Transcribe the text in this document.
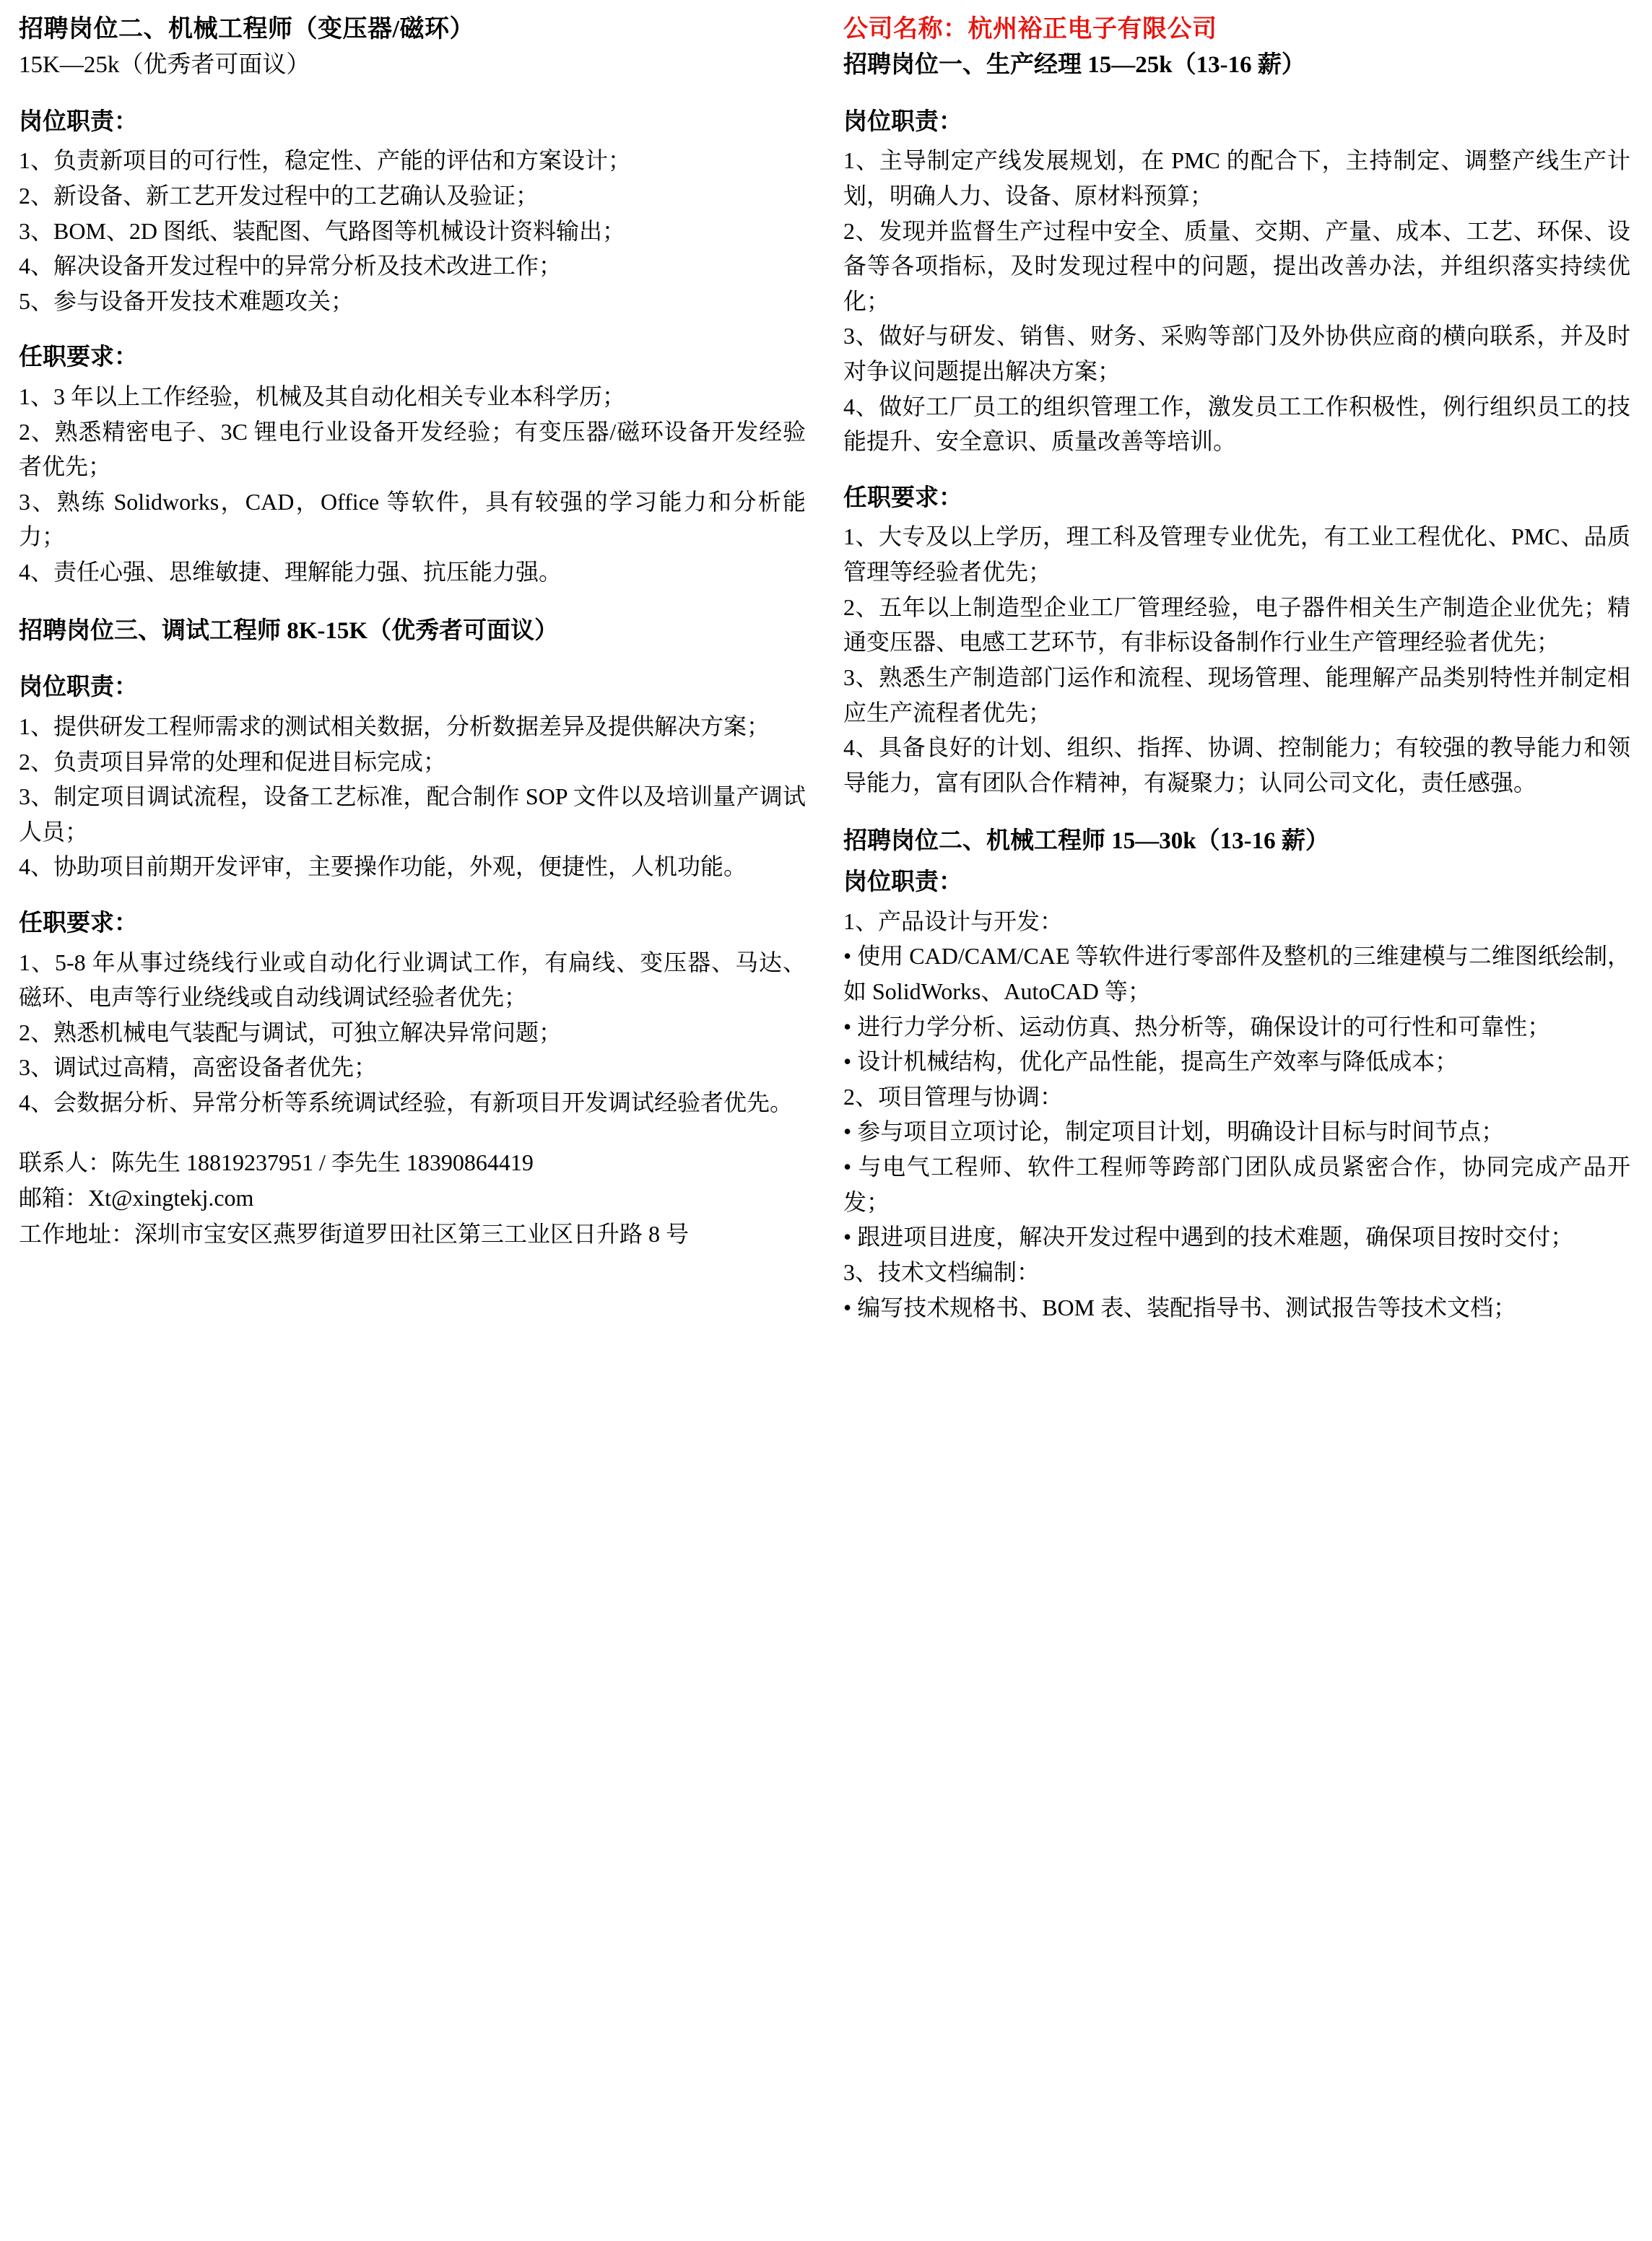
招聘岗位二、机械工程师（变压器/磁环）
15K—25k（优秀者可面议）
岗位职责：

1、负责新项目的可行性，稳定性、产能的评估和方案设计；

2、新设备、新工艺开发过程中的工艺确认及验证；

3、BOM、2D 图纸、装配图、气路图等机械设计资料输出；

4、解决设备开发过程中的异常分析及技术改进工作；

5、参与设备开发技术难题攻关；

任职要求：

1、3 年以上工作经验，机械及其自动化相关专业本科学历；

2、熟悉精密电子、3C 锂电行业设备开发经验；有变压器/磁环设备开发经验者优先；

3、熟练 Solidworks，CAD，Office 等软件，具有较强的学习能力和分析能力；

4、责任心强、思维敏捷、理解能力强、抗压能力强。

招聘岗位三、调试工程师 8K-15K（优秀者可面议）
岗位职责：

1、提供研发工程师需求的测试相关数据，分析数据差异及提供解决方案；

2、负责项目异常的处理和促进目标完成；

3、制定项目调试流程，设备工艺标准，配合制作 SOP 文件以及培训量产调试人员；

4、协助项目前期开发评审，主要操作功能，外观，便捷性，人机功能。

任职要求：

1、5-8 年从事过绕线行业或自动化行业调试工作，有扁线、变压器、马达、磁环、电声等行业绕线或自动线调试经验者优先；

2、熟悉机械电气装配与调试，可独立解决异常问题；

3、调试过高精，高密设备者优先；

4、会数据分析、异常分析等系统调试经验，有新项目开发调试经验者优先。

联系人：陈先生 18819237951 / 李先生 18390864419

邮箱：Xt@xingtekj.com

工作地址：深圳市宝安区燕罗街道罗田社区第三工业区日升路 8 号

公司名称：杭州裕正电子有限公司
招聘岗位一、生产经理 15—25k（13-16 薪）
岗位职责：

1、主导制定产线发展规划，在 PMC 的配合下，主持制定、调整产线生产计划，明确人力、设备、原材料预算；

2、发现并监督生产过程中安全、质量、交期、产量、成本、工艺、环保、设备等各项指标，及时发现过程中的问题，提出改善办法，并组织落实持续优化；

3、做好与研发、销售、财务、采购等部门及外协供应商的横向联系，并及时对争议问题提出解决方案；

4、做好工厂员工的组织管理工作，激发员工工作积极性，例行组织员工的技能提升、安全意识、质量改善等培训。

任职要求：

1、大专及以上学历，理工科及管理专业优先，有工业工程优化、PMC、品质管理等经验者优先；

2、五年以上制造型企业工厂管理经验，电子器件相关生产制造企业优先；精通变压器、电感工艺环节，有非标设备制作行业生产管理经验者优先；

3、熟悉生产制造部门运作和流程、现场管理、能理解产品类别特性并制定相应生产流程者优先；

4、具备良好的计划、组织、指挥、协调、控制能力；有较强的教导能力和领导能力，富有团队合作精神，有凝聚力；认同公司文化，责任感强。

招聘岗位二、机械工程师 15—30k（13-16 薪）
岗位职责：

1、产品设计与开发：

• 使用 CAD/CAM/CAE 等软件进行零部件及整机的三维建模与二维图纸绘制，如 SolidWorks、AutoCAD 等；

• 进行力学分析、运动仿真、热分析等，确保设计的可行性和可靠性；

• 设计机械结构，优化产品性能，提高生产效率与降低成本；

2、项目管理与协调：

• 参与项目立项讨论，制定项目计划，明确设计目标与时间节点；

• 与电气工程师、软件工程师等跨部门团队成员紧密合作，协同完成产品开发；

• 跟进项目进度，解决开发过程中遇到的技术难题，确保项目按时交付；

3、技术文档编制：

• 编写技术规格书、BOM 表、装配指导书、测试报告等技术文档；
